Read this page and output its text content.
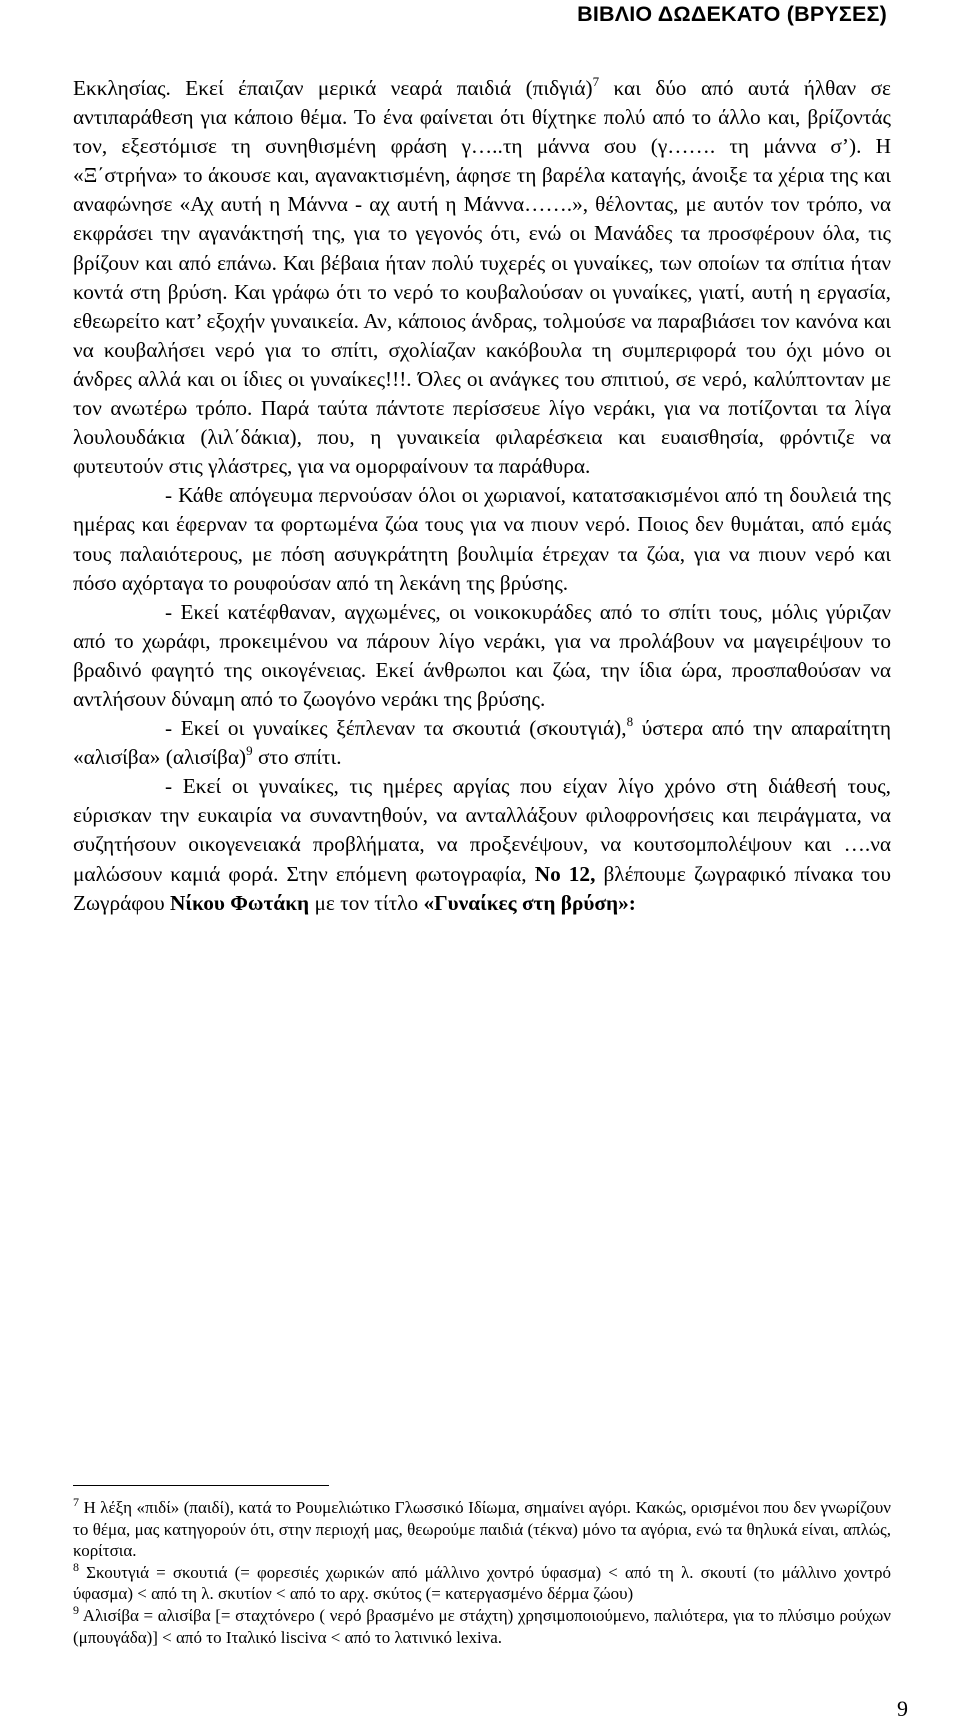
ΒΙΒΛΙΟ ΔΩΔΕΚΑΤΟ (ΒΡΥΣΕΣ)

Εκκλησίας. Εκεί έπαιζαν μερικά νεαρά παιδιά $(\pi\iota\delta\gamma\iota ά)^7$ και δύο από αυτά ήλθαν σε αντιπαράθεση για κάποιο θέμα. Το ένα φαίνεται ότι θίχτηκε πολύ από το άλλο και, βρίζοντάς τον, εξεστόμισε τη συνηθισμένη φράση γ…..τη μάννα σου (γ……. τη μάννα σ’). Η «Ξ΄στρήνα» το άκουσε και, αγανακτισμένη, άφησε τη βαρέλα καταγής, άνοιξε τα χέρια της και αναφώνησε «Αχ αυτή η Μάννα - αχ αυτή η Μάννα…….», θέλοντας, με αυτόν τον τρόπο, να εκφράσει την αγανάκτησή της, για το γεγονός ότι, ενώ οι Μανάδες τα προσφέρουν όλα, τις βρίζουν και από επάνω. Και βέβαια ήταν πολύ τυχερές οι γυναίκες, των οποίων τα σπίτια ήταν κοντά στη βρύση. Και γράφω ότι το νερό το κουβαλούσαν οι γυναίκες, γιατί, αυτή η εργασία, εθεωρείτο κατ’ εξοχήν γυναικεία. Αν, κάποιος άνδρας, τολμούσε να παραβιάσει τον κανόνα και να κουβαλήσει νερό για το σπίτι, σχολίαζαν κακόβουλα τη συμπεριφορά του όχι μόνο οι άνδρες αλλά και οι ίδιες οι γυναίκες!!!. Όλες οι ανάγκες του σπιτιού, σε νερό, καλύπτονταν με τον ανωτέρω τρόπο. Παρά ταύτα πάντοτε περίσσευε λίγο νεράκι, για να ποτίζονται τα λίγα λουλουδάκια (λιλ΄δάκια), που, η γυναικεία φιλαρέσκεια και ευαισθησία, φρόντιζε να φυτευτούν στις γλάστρες, για να ομορφαίνουν τα παράθυρα.

- Κάθε απόγευμα περνούσαν όλοι οι χωριανοί, κατατσακισμένοι από τη δουλειά της ημέρας και έφερναν τα φορτωμένα ζώα τους για να πιουν νερό. Ποιος δεν θυμάται, από εμάς τους παλαιότερους, με πόση ασυγκράτητη βουλιμία έτρεχαν τα ζώα, για να πιουν νερό και πόσο αχόρταγα το ρουφούσαν από τη λεκάνη της βρύσης.

- Εκεί κατέφθαναν, αγχωμένες, οι νοικοκυράδες από το σπίτι τους, μόλις γύριζαν από το χωράφι, προκειμένου να πάρουν λίγο νεράκι, για να προλάβουν να μαγειρέψουν το βραδινό φαγητό της οικογένειας. Εκεί άνθρωποι και ζώα, την ίδια ώρα, προσπαθούσαν να αντλήσουν δύναμη από το ζωογόνο νεράκι της βρύσης.

- Εκεί οι γυναίκες ξέπλεναν τα σκουτιά (σκουτγιά),$^8$ ύστερα από την απαραίτητη «αλισίβα» $(\alpha\lambda\iota\sigma ί\beta\alpha)^9$ στο σπίτι.

- Εκεί οι γυναίκες, τις ημέρες αργίας που είχαν λίγο χρόνο στη διάθεσή τους, εύρισκαν την ευκαιρία να συναντηθούν, να ανταλλάξουν φιλοφρονήσεις και πειράγματα, να συζητήσουν οικογενειακά προβλήματα, να προξενέψουν, να κουτσομπολέψουν και ….να μαλώσουν καμιά φορά. Στην επόμενη φωτογραφία, Νο 12, βλέπουμε ζωγραφικό πίνακα του Ζωγράφου Νίκου Φωτάκη με τον τίτλο «Γυναίκες στη βρύση»:

$^7$ Η λέξη «πιδί» (παιδί), κατά το Ρουμελιώτικο Γλωσσικό Ιδίωμα, σημαίνει αγόρι. Κακώς, ορισμένοι που δεν γνωρίζουν το θέμα, μας κατηγορούν ότι, στην περιοχή μας, θεωρούμε παιδιά (τέκνα) μόνο τα αγόρια, ενώ τα θηλυκά είναι, απλώς, κορίτσια.

$^8$ Σκουτγιά = σκουτιά (= φορεσιές χωρικών από μάλλινο χοντρό ύφασμα) < από τη λ. σκουτί (το μάλλινο χοντρό ύφασμα) < από τη λ. σκυτίον < από το αρχ. σκύτος (= κατεργασμένο δέρμα ζώου)

$^9$ Αλισίβα = αλισίβα [= σταχτόνερο ( νερό βρασμένο με στάχτη) χρησιμοποιούμενο, παλιότερα, για το πλύσιμο ρούχων (μπουγάδα)] < από το Ιταλικό liscivα < από το λατινικό lexiva.

9
